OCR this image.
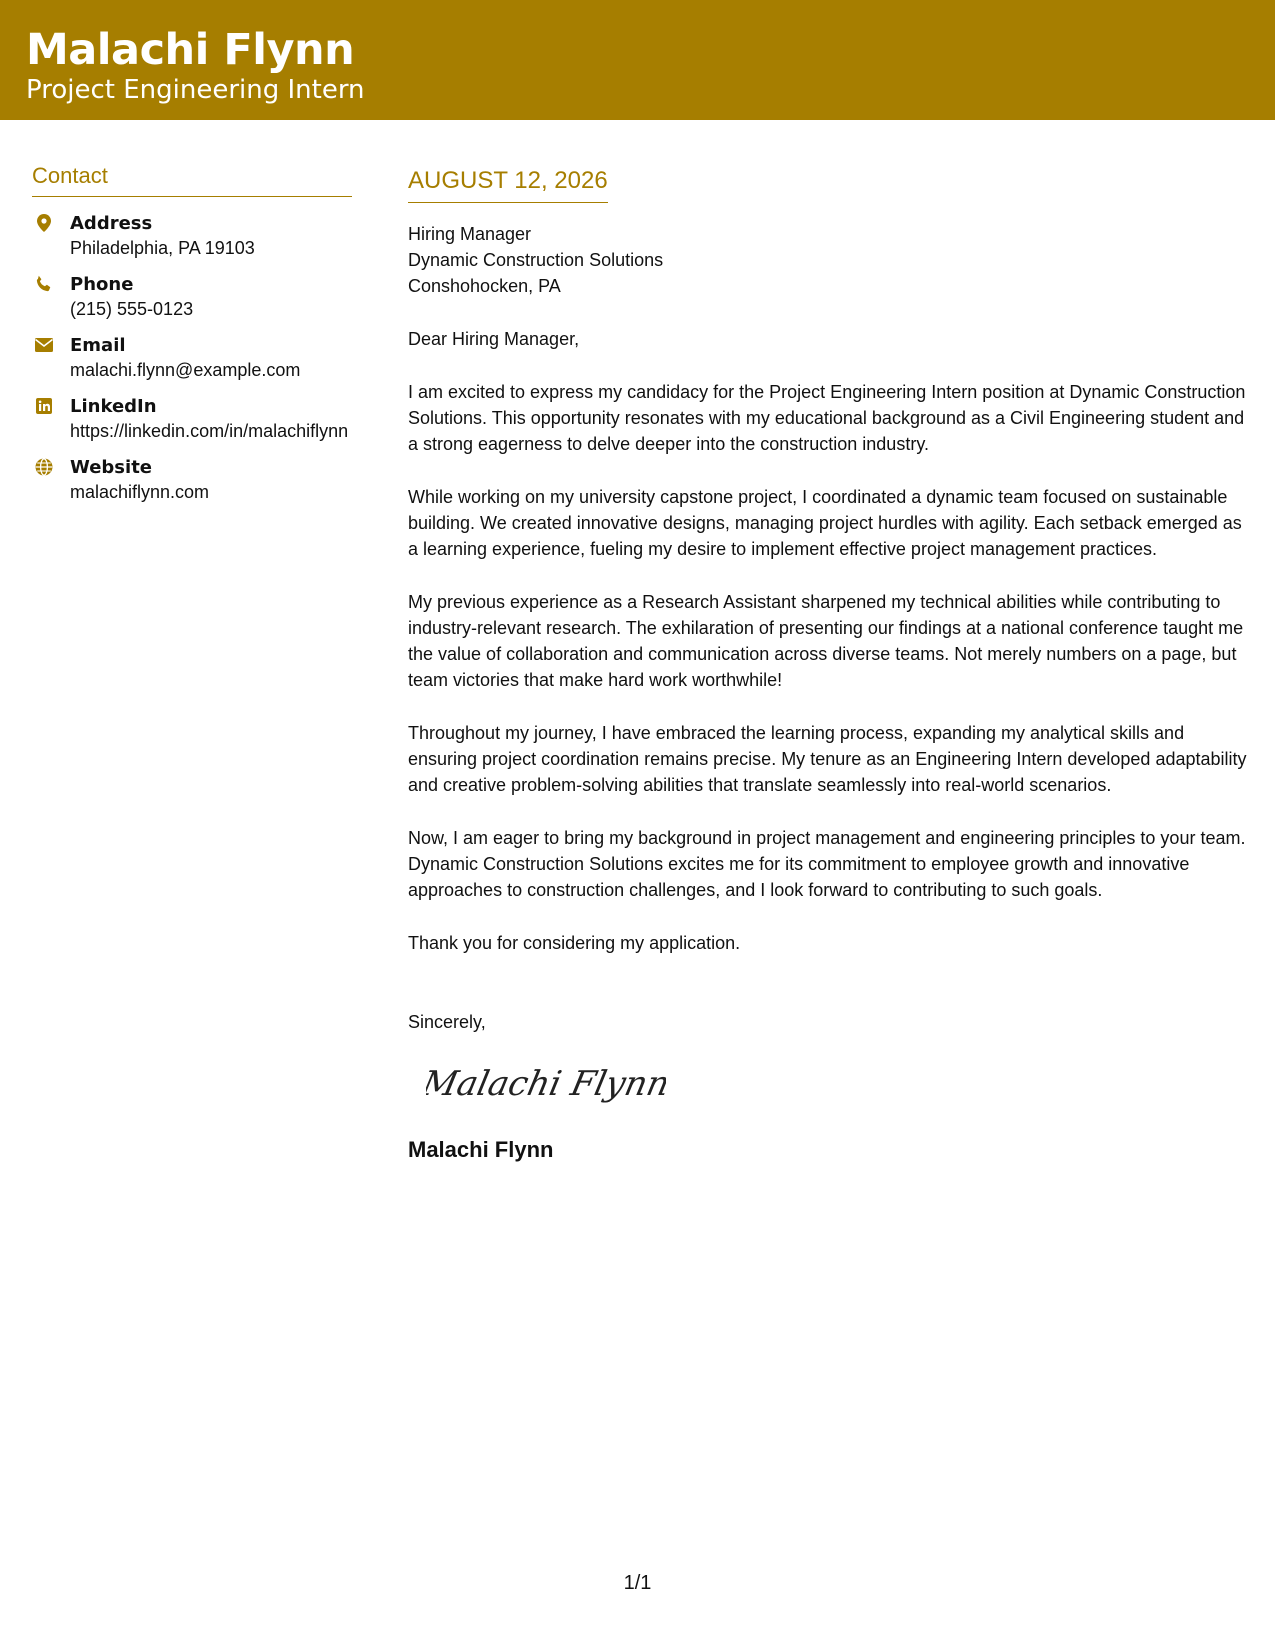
Malachi Flynn
Project Engineering Intern
Contact
Address
Philadelphia, PA 19103
Phone
(215) 555-0123
Email
malachi.flynn@example.com
LinkedIn
https://linkedin.com/in/malachiflynn
Website
malachiflynn.com
AUGUST 12, 2026
Hiring Manager
Dynamic Construction Solutions
Conshohocken, PA

Dear Hiring Manager,

I am excited to express my candidacy for the Project Engineering Intern position at Dynamic Construction Solutions. This opportunity resonates with my educational background as a Civil Engineering student and a strong eagerness to delve deeper into the construction industry.

While working on my university capstone project, I coordinated a dynamic team focused on sustainable building. We created innovative designs, managing project hurdles with agility. Each setback emerged as a learning experience, fueling my desire to implement effective project management practices.

My previous experience as a Research Assistant sharpened my technical abilities while contributing to industry-relevant research. The exhilaration of presenting our findings at a national conference taught me the value of collaboration and communication across diverse teams. Not merely numbers on a page, but team victories that make hard work worthwhile!

Throughout my journey, I have embraced the learning process, expanding my analytical skills and ensuring project coordination remains precise. My tenure as an Engineering Intern developed adaptability and creative problem-solving abilities that translate seamlessly into real-world scenarios.

Now, I am eager to bring my background in project management and engineering principles to your team. Dynamic Construction Solutions excites me for its commitment to employee growth and innovative approaches to construction challenges, and I look forward to contributing to such goals.

Thank you for considering my application.

Sincerely,
Malachi Flynn
Malachi Flynn
1/1
